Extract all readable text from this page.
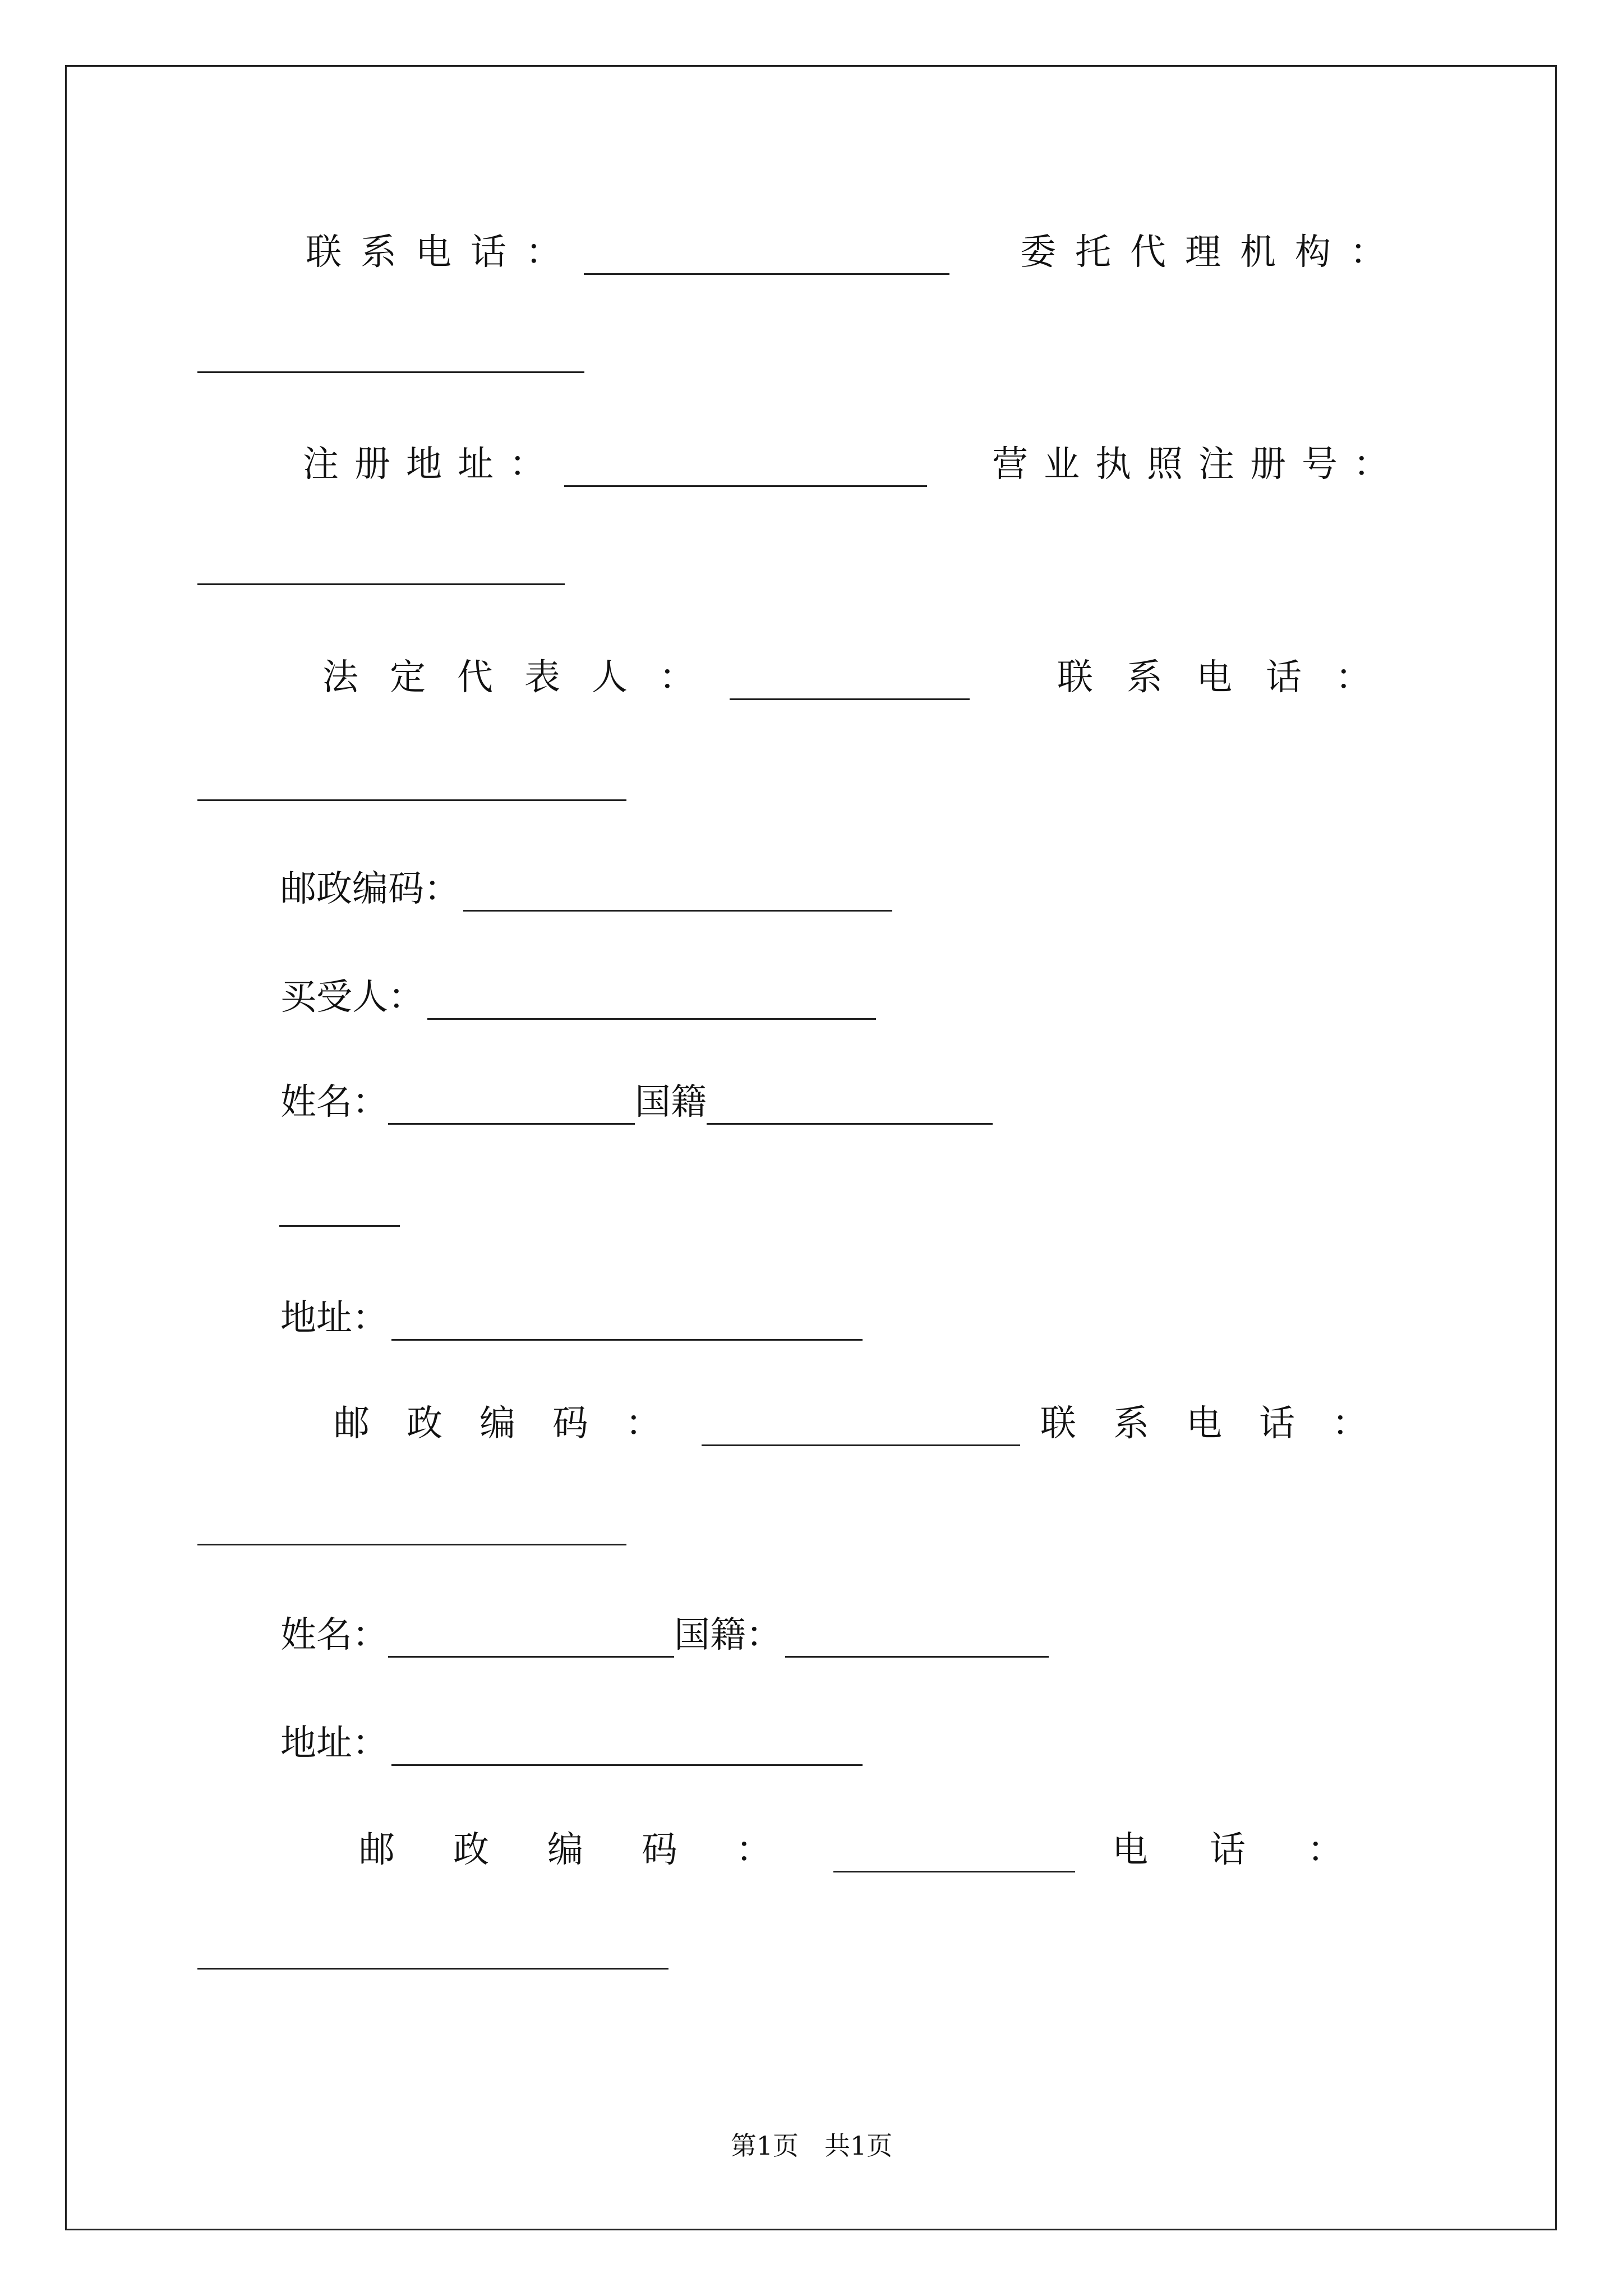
联系电话：	委托代理机构：
注册地址：	营业执照注册号：
法定代表人：	联系电话：
邮政编码：
买受人：
姓名：	国籍
地址：
邮政编码：	联系电话：
姓名：	国籍：
地址：
邮政编码：	电话：
第1页　共1页
